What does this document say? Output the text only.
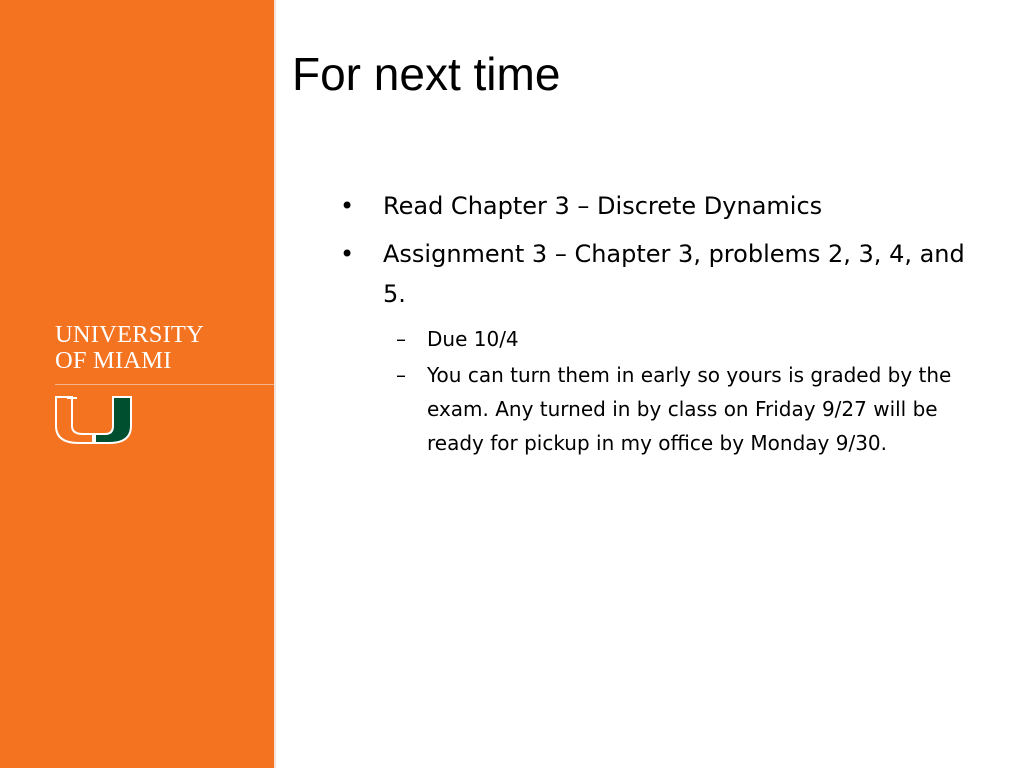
UNIVERSITY
OF MIAMI
For next time
• Read Chapter 3 – Discrete Dynamics
• Assignment 3 – Chapter 3, problems 2, 3, 4, and 5.
– Due 10/4
– You can turn them in early so yours is graded by the exam. Any turned in by class on Friday 9/27 will be ready for pickup in my office by Monday 9/30.
